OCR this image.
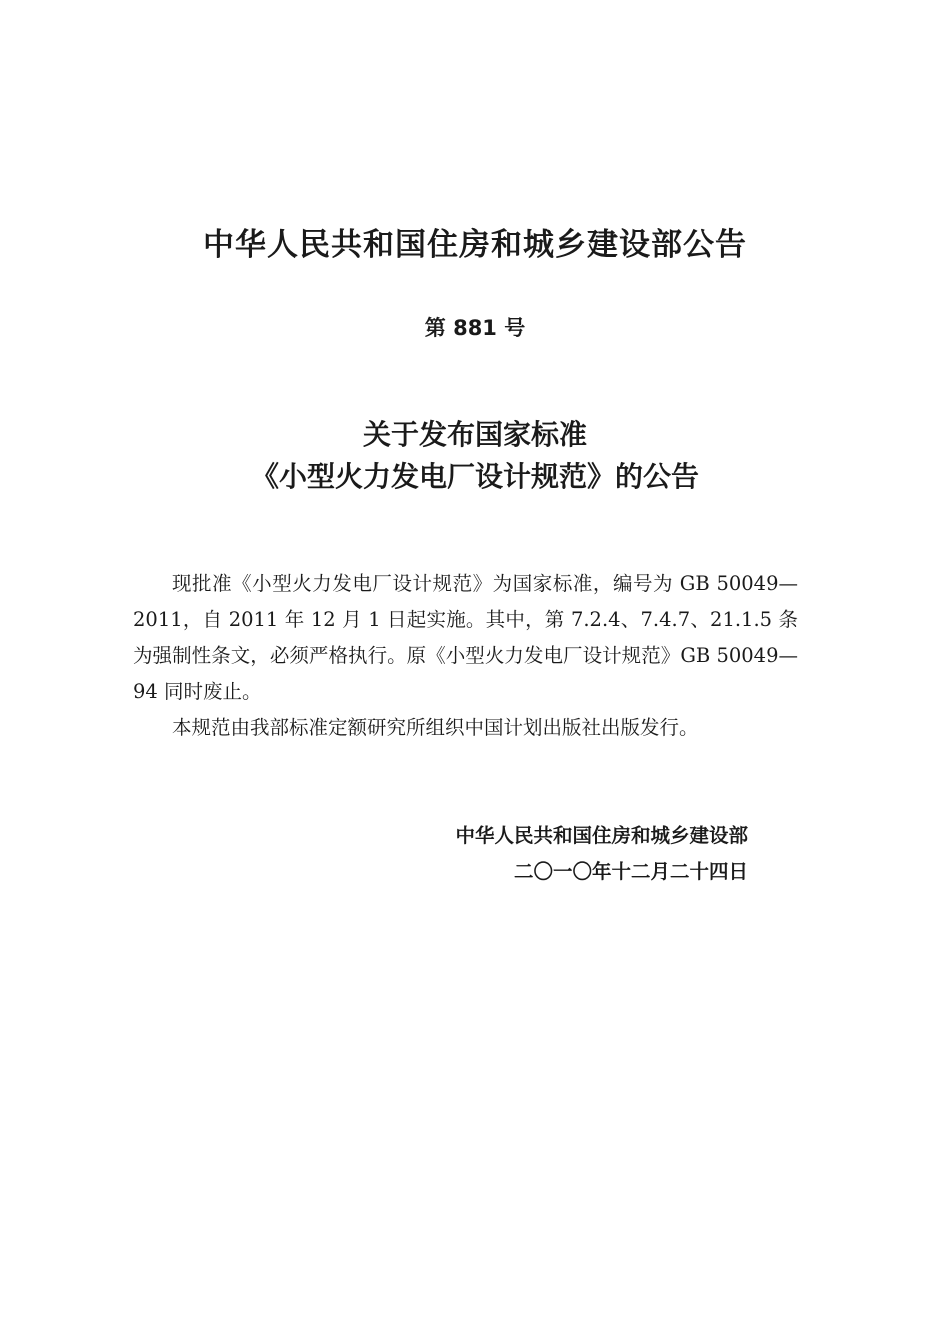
中华人民共和国住房和城乡建设部公告
第 881 号
关于发布国家标准
《小型火力发电厂设计规范》的公告

现批准《小型火力发电厂设计规范》为国家标准，编号为 GB 50049—2011，自 2011 年 12 月 1 日起实施。其中，第 7.2.4、7.4.7、21.1.5 条为强制性条文，必须严格执行。原《小型火力发电厂设计规范》GB 50049—94 同时废止。

本规范由我部标准定额研究所组织中国计划出版社出版发行。

中华人民共和国住房和城乡建设部
二〇一〇年十二月二十四日
